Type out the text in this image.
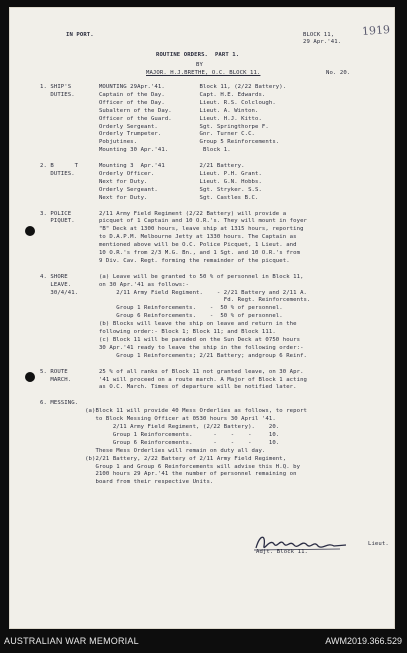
IN PORT.	BLOCK 11,
29 Apr.'41.
1919
ROUTINE ORDERS.  PART 1.
BY
MAJOR. H.J.BRETHE, O.C. BLOCK 11.	No. 20.
1. SHIP'S        MOUNTING 29Apr.'41.          Block 11, (2/22 Battery).
DUTIES.       Captain of the Day.          Capt. H.E. Edwards.
Officer of the Day.          Lieut. R.S. Colclough.
Subaltern of the Day.        Lieut. A. Winton.
Officer of the Guard.        Lieut. H.J. Kitto.
Orderly Sergeant.            Sgt. Springthorpe F.
Orderly Trumpeter.           Gnr. Turner C.C.
Pobjutines.                  Group 5 Reinforcements.
Mounting 30 Apr.'41.          Block 1.

2. B      T      Mounting 3  Apr.'41          2/21 Battery.
DUTIES.       Orderly Officer.             Lieut. P.H. Grant.
Next for Duty.               Lieut. G.N. Hobbs.
Orderly Sergeant.            Sgt. Stryker. S.S.
Next for Duty.               Sgt. Castles B.C.

3. POLICE        2/11 Army Field Regiment (2/22 Battery) will provide a
PIQUET.       picquet of 1 Captain and 10 O.R.'s. They will mount in foyer
"B" Deck at 1300 hours, leave ship at 1315 hours, reporting
to D.A.P.M. Melbourne Jetty at 1330 hours. The Captain as
mentioned above will be O.C. Police Picquet, 1 Lieut. and
10 O.R.'s from 2/3 M.G. Bn., and 1 Sgt. and 10 O.R.'s from
9 Div. Cav. Regt. forming the remainder of the picquet.

4. SHORE         (a) Leave will be granted to 50 % of personnel in Block 11,
LEAVE.        on 30 Apr.'41 as follows:-
30/4/41.           2/11 Army Field Regiment.    - 2/21 Battery and 2/11 A.
Fd. Regt. Reinforcements.
Group 1 Reinforcements.    -  50 % of personnel.
Group 6 Reinforcements.    -  50 % of personnel.
(b) Blocks will leave the ship on leave and return in the
following order:- Block 1; Block 11; and Block 111.
(c) Block 11 will be paraded on the Sun Deck at 0750 hours
30 Apr.'41 ready to leave the ship in the following order:-
Group 1 Reinforcements; 2/21 Battery; andgroup 6 Reinf.

5. ROUTE         25 % of all ranks of Block 11 not granted leave, on 30 Apr.
MARCH.        '41 will proceed on a route march. A Major of Block 1 acting
as O.C. March. Times of departure will be notified later.

6. MESSING.
(a)Block 11 will provide 40 Mess Orderlies as follows, to report
to Block Messing Officer at 0530 hours 30 April '41.
2/11 Army Field Regiment, (2/22 Battery).    20.
Group 1 Reinforcements.      -    -    -     10.
Group 6 Reinforcements.      -    -    -     10.
These Mess Orderlies will remain on duty all day.
(b)2/21 Battery, 2/22 Battery of 2/11 Army Field Regiment,
Group 1 and Group 6 Reinforcements will advise this H.Q. by
2100 hours 29 Apr.'41 the number of personnel remaining on
board from their respective Units.
Lieut.
Adjt. Block 11.
AUSTRALIAN WAR MEMORIAL	AWM2019.366.529
